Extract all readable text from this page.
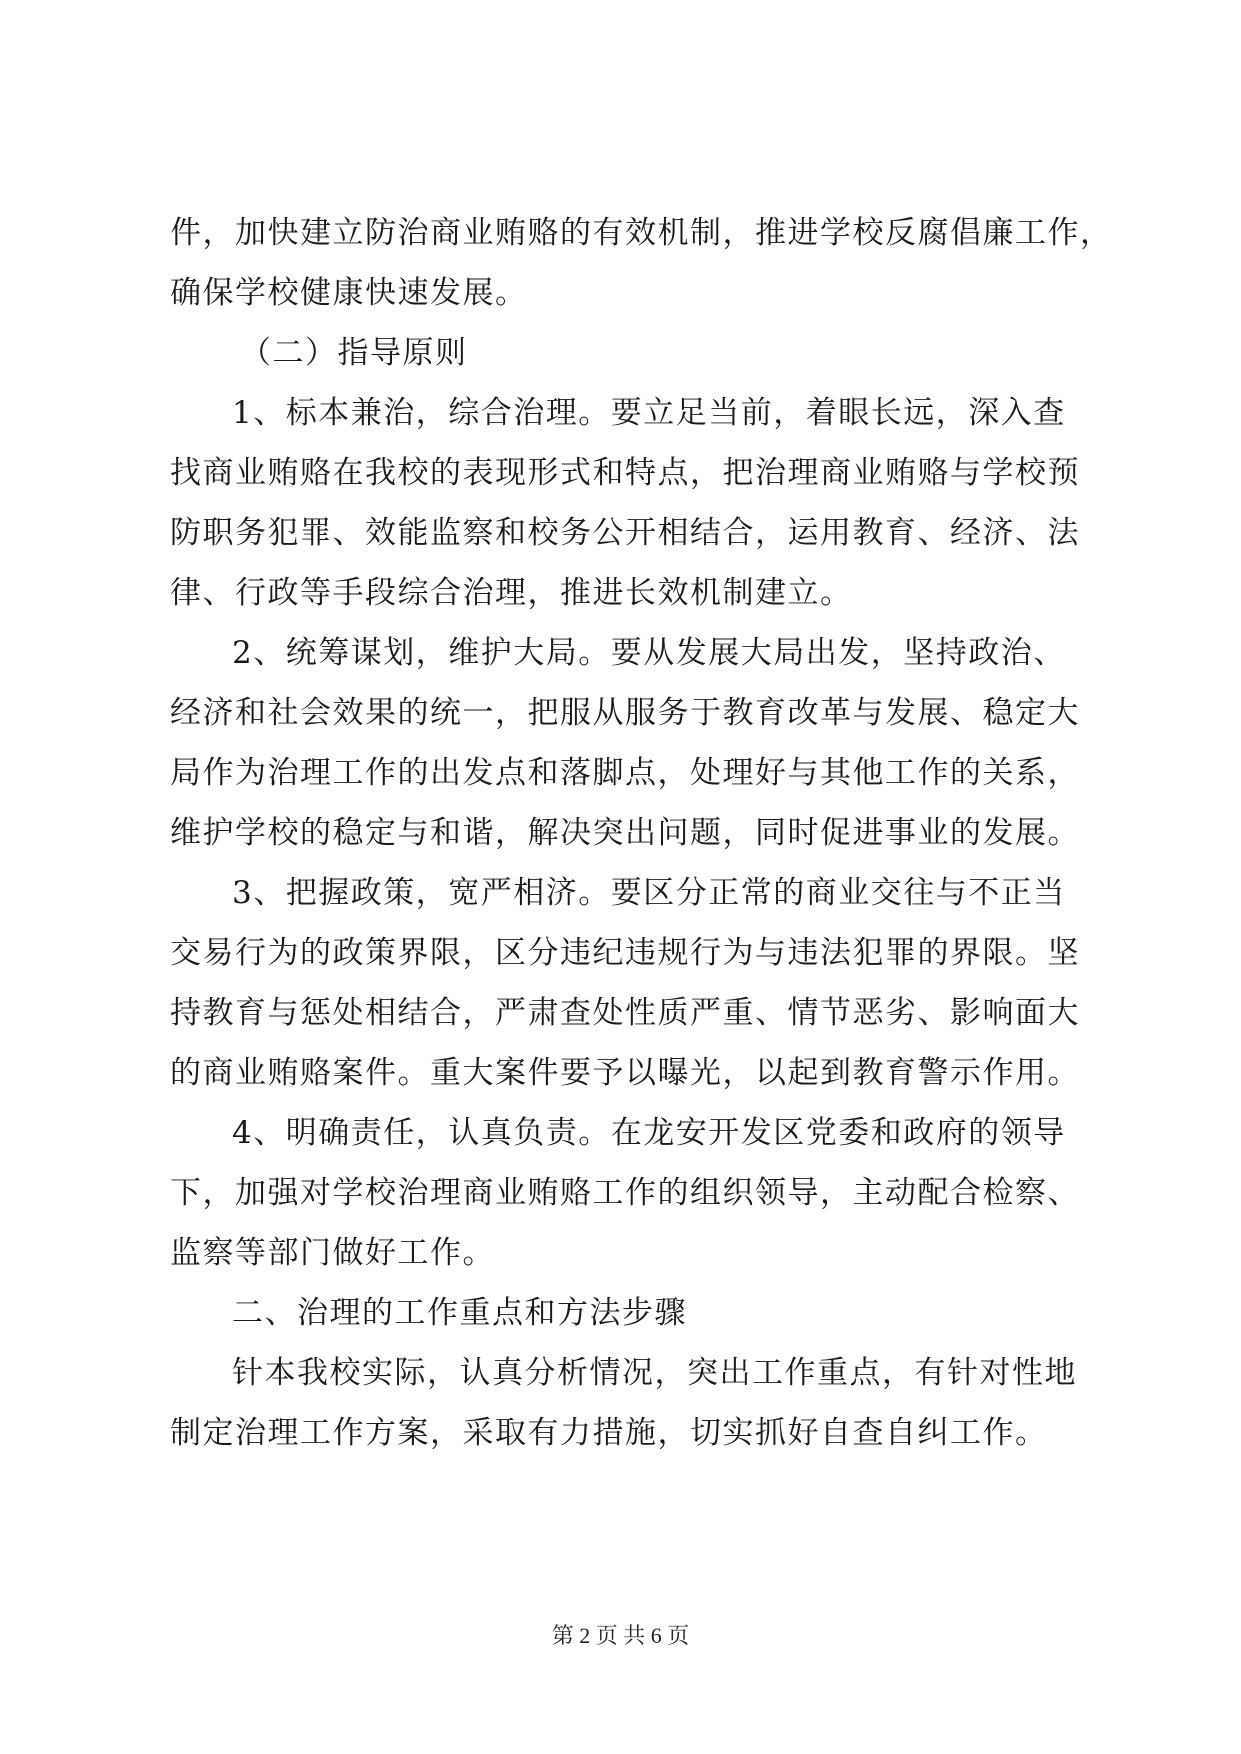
件，加快建立防治商业贿赂的有效机制，推进学校反腐倡廉工作，
确保学校健康快速发展。
（二）指导原则
1、标本兼治，综合治理。要立足当前，着眼长远，深入查
找商业贿赂在我校的表现形式和特点，把治理商业贿赂与学校预
防职务犯罪、效能监察和校务公开相结合，运用教育、经济、法
律、行政等手段综合治理，推进长效机制建立。
2、统筹谋划，维护大局。要从发展大局出发，坚持政治、
经济和社会效果的统一，把服从服务于教育改革与发展、稳定大
局作为治理工作的出发点和落脚点，处理好与其他工作的关系，
维护学校的稳定与和谐，解决突出问题，同时促进事业的发展。
3、把握政策，宽严相济。要区分正常的商业交往与不正当
交易行为的政策界限，区分违纪违规行为与违法犯罪的界限。坚
持教育与惩处相结合，严肃查处性质严重、情节恶劣、影响面大
的商业贿赂案件。重大案件要予以曝光，以起到教育警示作用。
4、明确责任，认真负责。在龙安开发区党委和政府的领导
下，加强对学校治理商业贿赂工作的组织领导，主动配合检察、
监察等部门做好工作。
二、治理的工作重点和方法步骤
针本我校实际，认真分析情况，突出工作重点，有针对性地
制定治理工作方案，采取有力措施，切实抓好自查自纠工作。
第 2 页 共 6 页
